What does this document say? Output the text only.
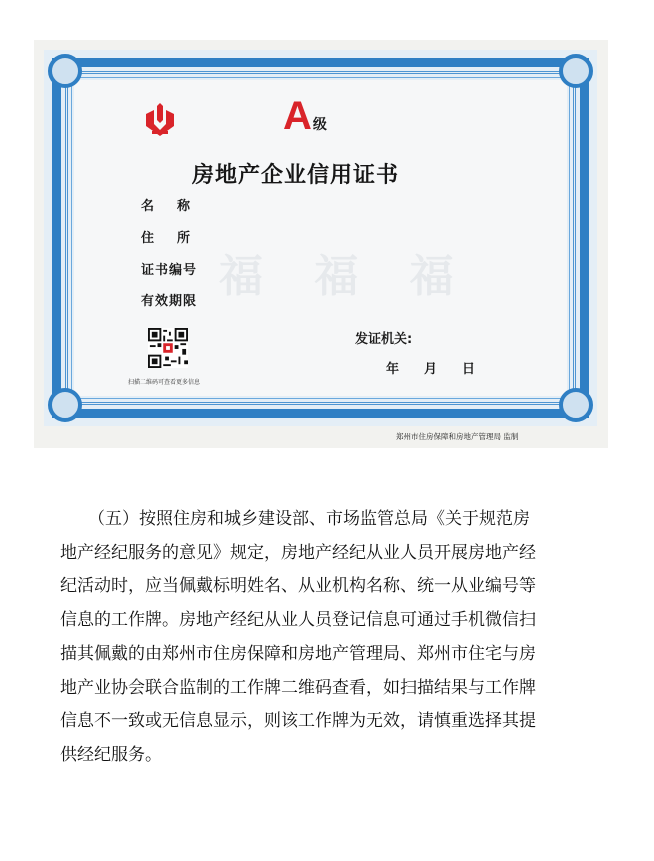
福 福 福
A级
房地产企业信用证书
名称
住所
证书编号
有效期限
扫描二维码可查看更多信息
发证机关:
年 月 日
郑州市住房保障和房地产管理局 监制
（五）按照住房和城乡建设部、市场监管总局《关于规范房
地产经纪服务的意见》规定，房地产经纪从业人员开展房地产经
纪活动时，应当佩戴标明姓名、从业机构名称、统一从业编号等
信息的工作牌。房地产经纪从业人员登记信息可通过手机微信扫
描其佩戴的由郑州市住房保障和房地产管理局、郑州市住宅与房
地产业协会联合监制的工作牌二维码查看，如扫描结果与工作牌
信息不一致或无信息显示，则该工作牌为无效，请慎重选择其提
供经纪服务。
